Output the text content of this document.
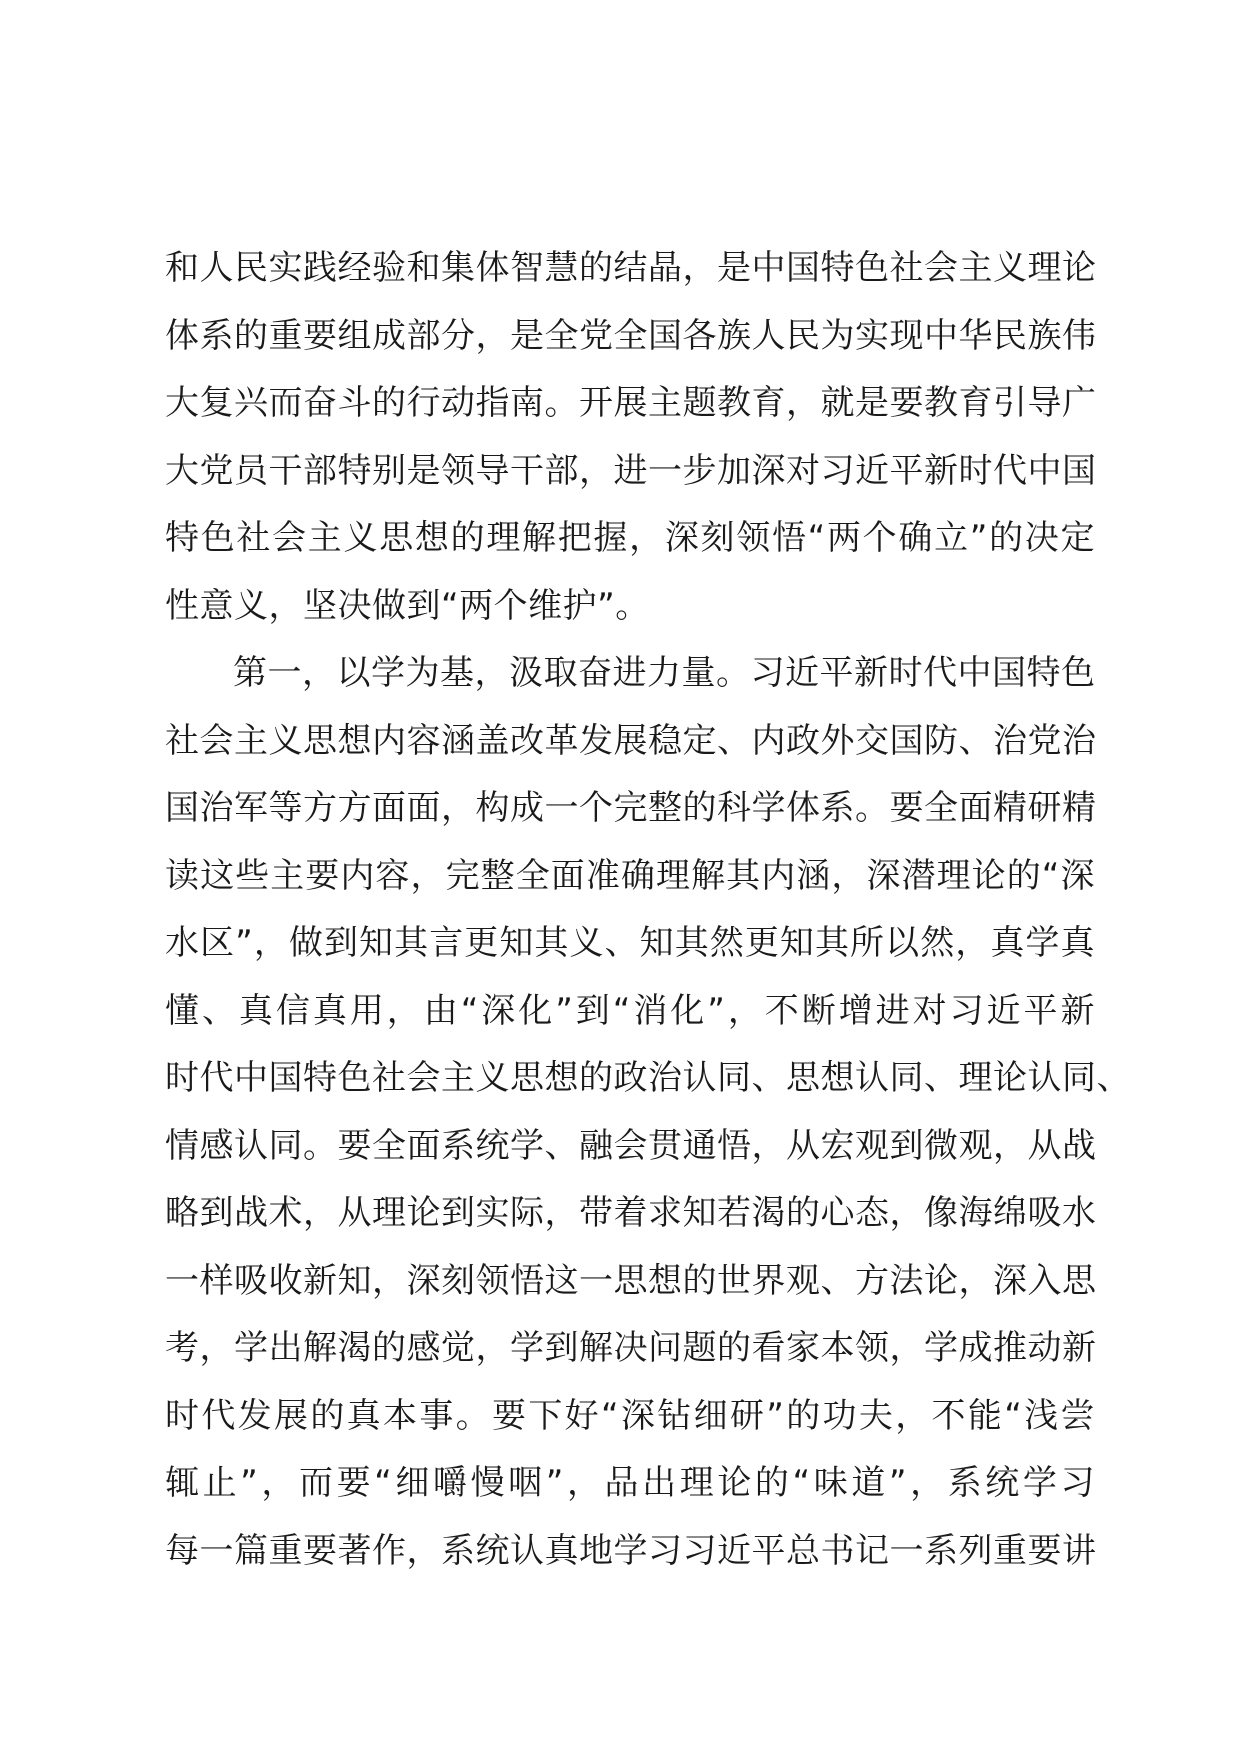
和人民实践经验和集体智慧的结晶，是中国特色社会主义理论
体系的重要组成部分，是全党全国各族人民为实现中华民族伟
大复兴而奋斗的行动指南。开展主题教育，就是要教育引导广
大党员干部特别是领导干部，进一步加深对习近平新时代中国
特色社会主义思想的理解把握，深刻领悟“两个确立”的决定
性意义，坚决做到“两个维护”。
第一，以学为基，汲取奋进力量。习近平新时代中国特色
社会主义思想内容涵盖改革发展稳定、内政外交国防、治党治
国治军等方方面面，构成一个完整的科学体系。要全面精研精
读这些主要内容，完整全面准确理解其内涵，深潜理论的“深
水区”，做到知其言更知其义、知其然更知其所以然，真学真
懂、真信真用，由“深化”到“消化”，不断增进对习近平新
时代中国特色社会主义思想的政治认同、思想认同、理论认同、
情感认同。要全面系统学、融会贯通悟，从宏观到微观，从战
略到战术，从理论到实际，带着求知若渴的心态，像海绵吸水
一样吸收新知，深刻领悟这一思想的世界观、方法论，深入思
考，学出解渴的感觉，学到解决问题的看家本领，学成推动新
时代发展的真本事。要下好“深钻细研”的功夫，不能“浅尝
辄止”，而要“细嚼慢咽”，品出理论的“味道”，系统学习
每一篇重要著作，系统认真地学习习近平总书记一系列重要讲
